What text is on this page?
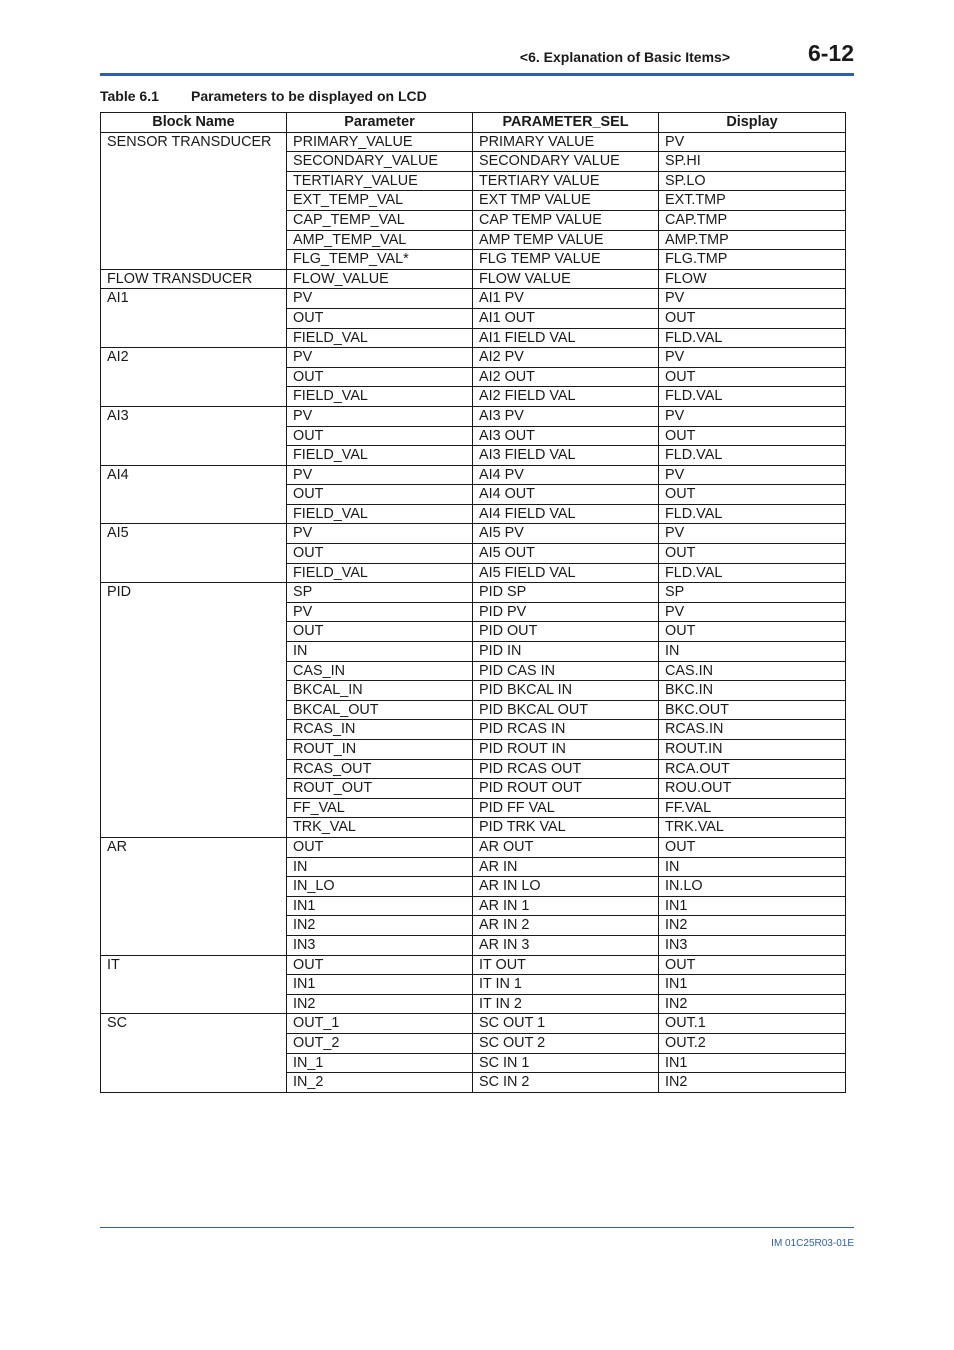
<6. Explanation of Basic Items>	6-12
Table 6.1 Parameters to be displayed on LCD
Block Name	Parameter	PARAMETER_SEL	Display
SENSOR TRANSDUCER	PRIMARY_VALUE	PRIMARY VALUE	PV
	SECONDARY_VALUE	SECONDARY VALUE	SP.HI
	TERTIARY_VALUE	TERTIARY VALUE	SP.LO
	EXT_TEMP_VAL	EXT TMP VALUE	EXT.TMP
	CAP_TEMP_VAL	CAP TEMP VALUE	CAP.TMP
	AMP_TEMP_VAL	AMP TEMP VALUE	AMP.TMP
	FLG_TEMP_VAL*	FLG TEMP VALUE	FLG.TMP
FLOW TRANSDUCER	FLOW_VALUE	FLOW VALUE	FLOW
AI1	PV	AI1 PV	PV
	OUT	AI1 OUT	OUT
	FIELD_VAL	AI1 FIELD VAL	FLD.VAL
AI2	PV	AI2 PV	PV
	OUT	AI2 OUT	OUT
	FIELD_VAL	AI2 FIELD VAL	FLD.VAL
AI3	PV	AI3 PV	PV
	OUT	AI3 OUT	OUT
	FIELD_VAL	AI3 FIELD VAL	FLD.VAL
AI4	PV	AI4 PV	PV
	OUT	AI4 OUT	OUT
	FIELD_VAL	AI4 FIELD VAL	FLD.VAL
AI5	PV	AI5 PV	PV
	OUT	AI5 OUT	OUT
	FIELD_VAL	AI5 FIELD VAL	FLD.VAL
PID	SP	PID SP	SP
	PV	PID PV	PV
	OUT	PID OUT	OUT
	IN	PID IN	IN
	CAS_IN	PID CAS IN	CAS.IN
	BKCAL_IN	PID BKCAL IN	BKC.IN
	BKCAL_OUT	PID BKCAL OUT	BKC.OUT
	RCAS_IN	PID RCAS IN	RCAS.IN
	ROUT_IN	PID ROUT IN	ROUT.IN
	RCAS_OUT	PID RCAS OUT	RCA.OUT
	ROUT_OUT	PID ROUT OUT	ROU.OUT
	FF_VAL	PID FF VAL	FF.VAL
	TRK_VAL	PID TRK VAL	TRK.VAL
AR	OUT	AR OUT	OUT
	IN	AR IN	IN
	IN_LO	AR IN LO	IN.LO
	IN1	AR IN 1	IN1
	IN2	AR IN 2	IN2
	IN3	AR IN 3	IN3
IT	OUT	IT OUT	OUT
	IN1	IT IN 1	IN1
	IN2	IT IN 2	IN2
SC	OUT_1	SC OUT 1	OUT.1
	OUT_2	SC OUT 2	OUT.2
	IN_1	SC IN 1	IN1
	IN_2	SC IN 2	IN2
IM 01C25R03-01E
